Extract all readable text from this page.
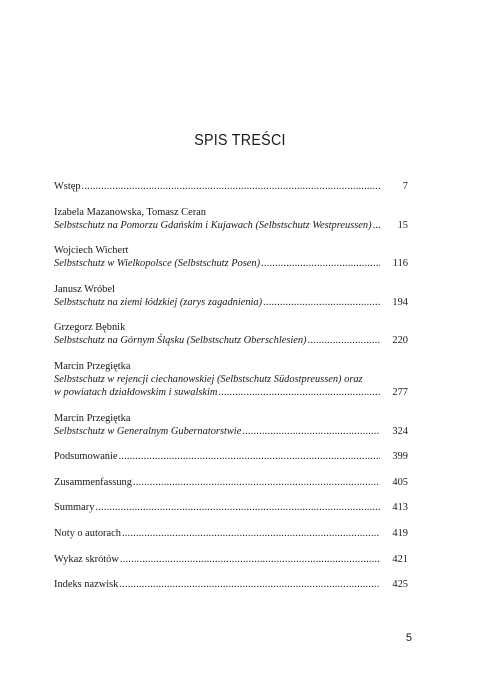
SPIS TREŚCI
Wstęp .....	7
Izabela Mazanowska, Tomasz Ceran
Selbstschutz na Pomorzu Gdańskim i Kujawach (Selbstschutz Westpreussen) .....	15
Wojciech Wichert
Selbstschutz w Wielkopolsce (Selbstschutz Posen) .....	116
Janusz Wróbel
Selbstschutz na ziemi łódzkiej (zarys zagadnienia) .....	194
Grzegorz Bębnik
Selbstschutz na Górnym Śląsku (Selbstschutz Oberschlesien) .....	220
Marcin Przegiętka
Selbstschutz w rejencji ciechanowskiej (Selbstschutz Südostpreussen) oraz
w powiatach działdowskim i suwalskim .....	277
Marcin Przegiętka
Selbstschutz w Generalnym Gubernatorstwie .....	324
Podsumowanie .....	399
Zusammenfassung .....	405
Summary .....	413
Noty o autorach .....	419
Wykaz skrótów .....	421
Indeks nazwisk .....	425
5
